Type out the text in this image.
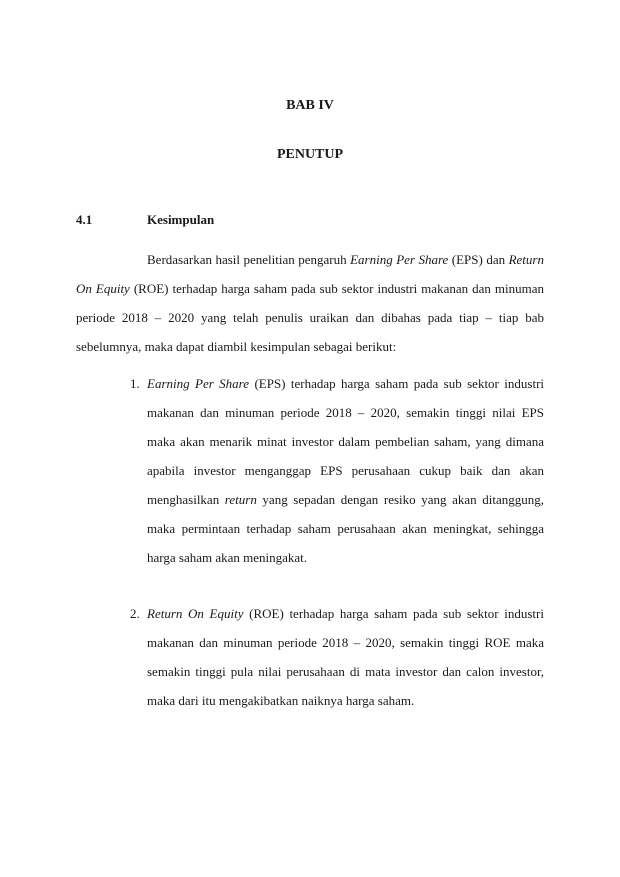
BAB IV
PENUTUP
4.1	Kesimpulan

Berdasarkan hasil penelitian pengaruh Earning Per Share (EPS) dan Return On Equity (ROE) terhadap harga saham pada sub sektor industri makanan dan minuman periode 2018 – 2020 yang telah penulis uraikan dan dibahas pada tiap – tiap bab sebelumnya, maka dapat diambil kesimpulan sebagai berikut:

1. Earning Per Share (EPS) terhadap harga saham pada sub sektor industri makanan dan minuman periode 2018 – 2020, semakin tinggi nilai EPS maka akan menarik minat investor dalam pembelian saham, yang dimana apabila investor menganggap EPS perusahaan cukup baik dan akan menghasilkan return yang sepadan dengan resiko yang akan ditanggung, maka permintaan terhadap saham perusahaan akan meningkat, sehingga harga saham akan meningakat.
2. Return On Equity (ROE) terhadap harga saham pada sub sektor industri makanan dan minuman periode 2018 – 2020, semakin tinggi ROE maka semakin tinggi pula nilai perusahaan di mata investor dan calon investor, maka dari itu mengakibatkan naiknya harga saham.
